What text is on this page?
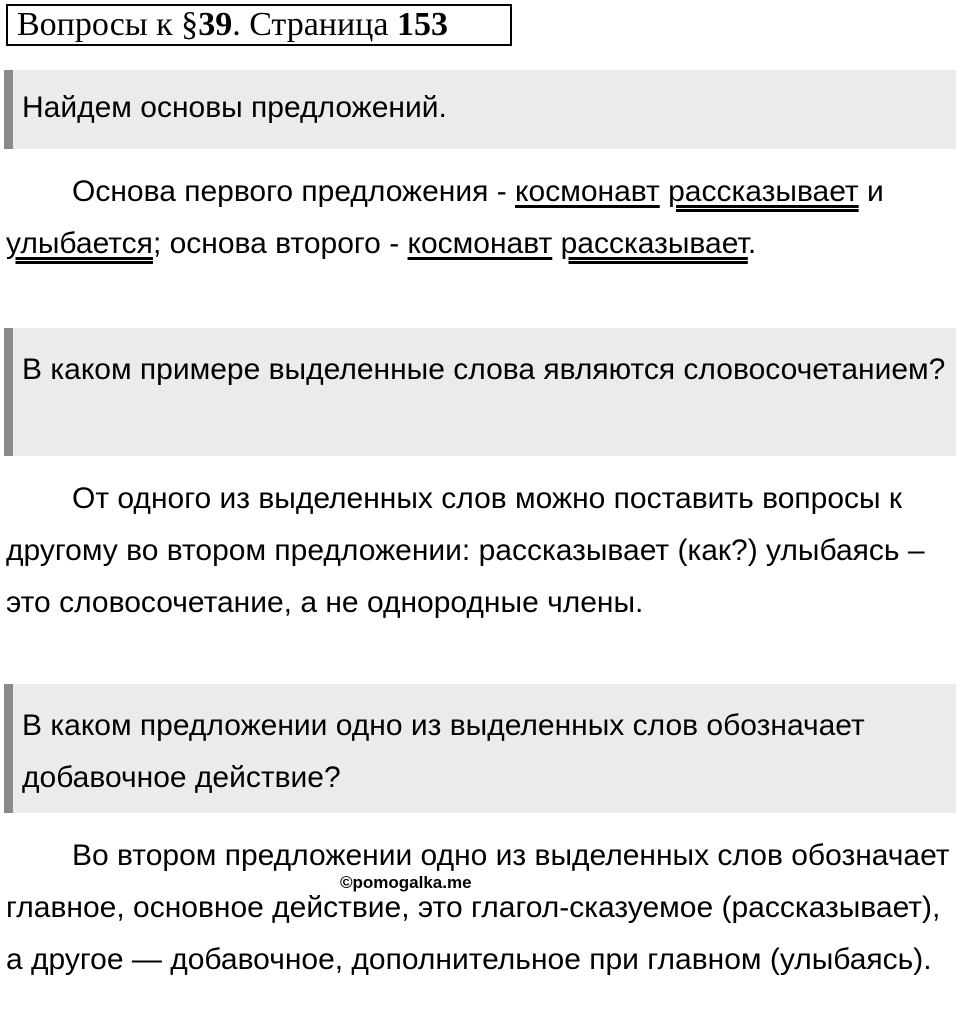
Вопросы к §39. Страница 153
Найдем основы предложений.

Основа первого предложения - космонавт рассказывает и улыбается; основа второго - космонавт рассказывает.

В каком примере выделенные слова являются словосочетанием?

От одного из выделенных слов можно поставить вопросы к другому во втором предложении: рассказывает (как?) улыбаясь – это словосочетание, а не однородные члены.

В каком предложении одно из выделенных слов обозначает добавочное действие?

Во втором предложении одно из выделенных слов обозначает главное, основное действие, это глагол-сказуемое (рассказывает), а другое — добавочное, дополнительное при главном (улыбаясь).

©pomogalka.me
